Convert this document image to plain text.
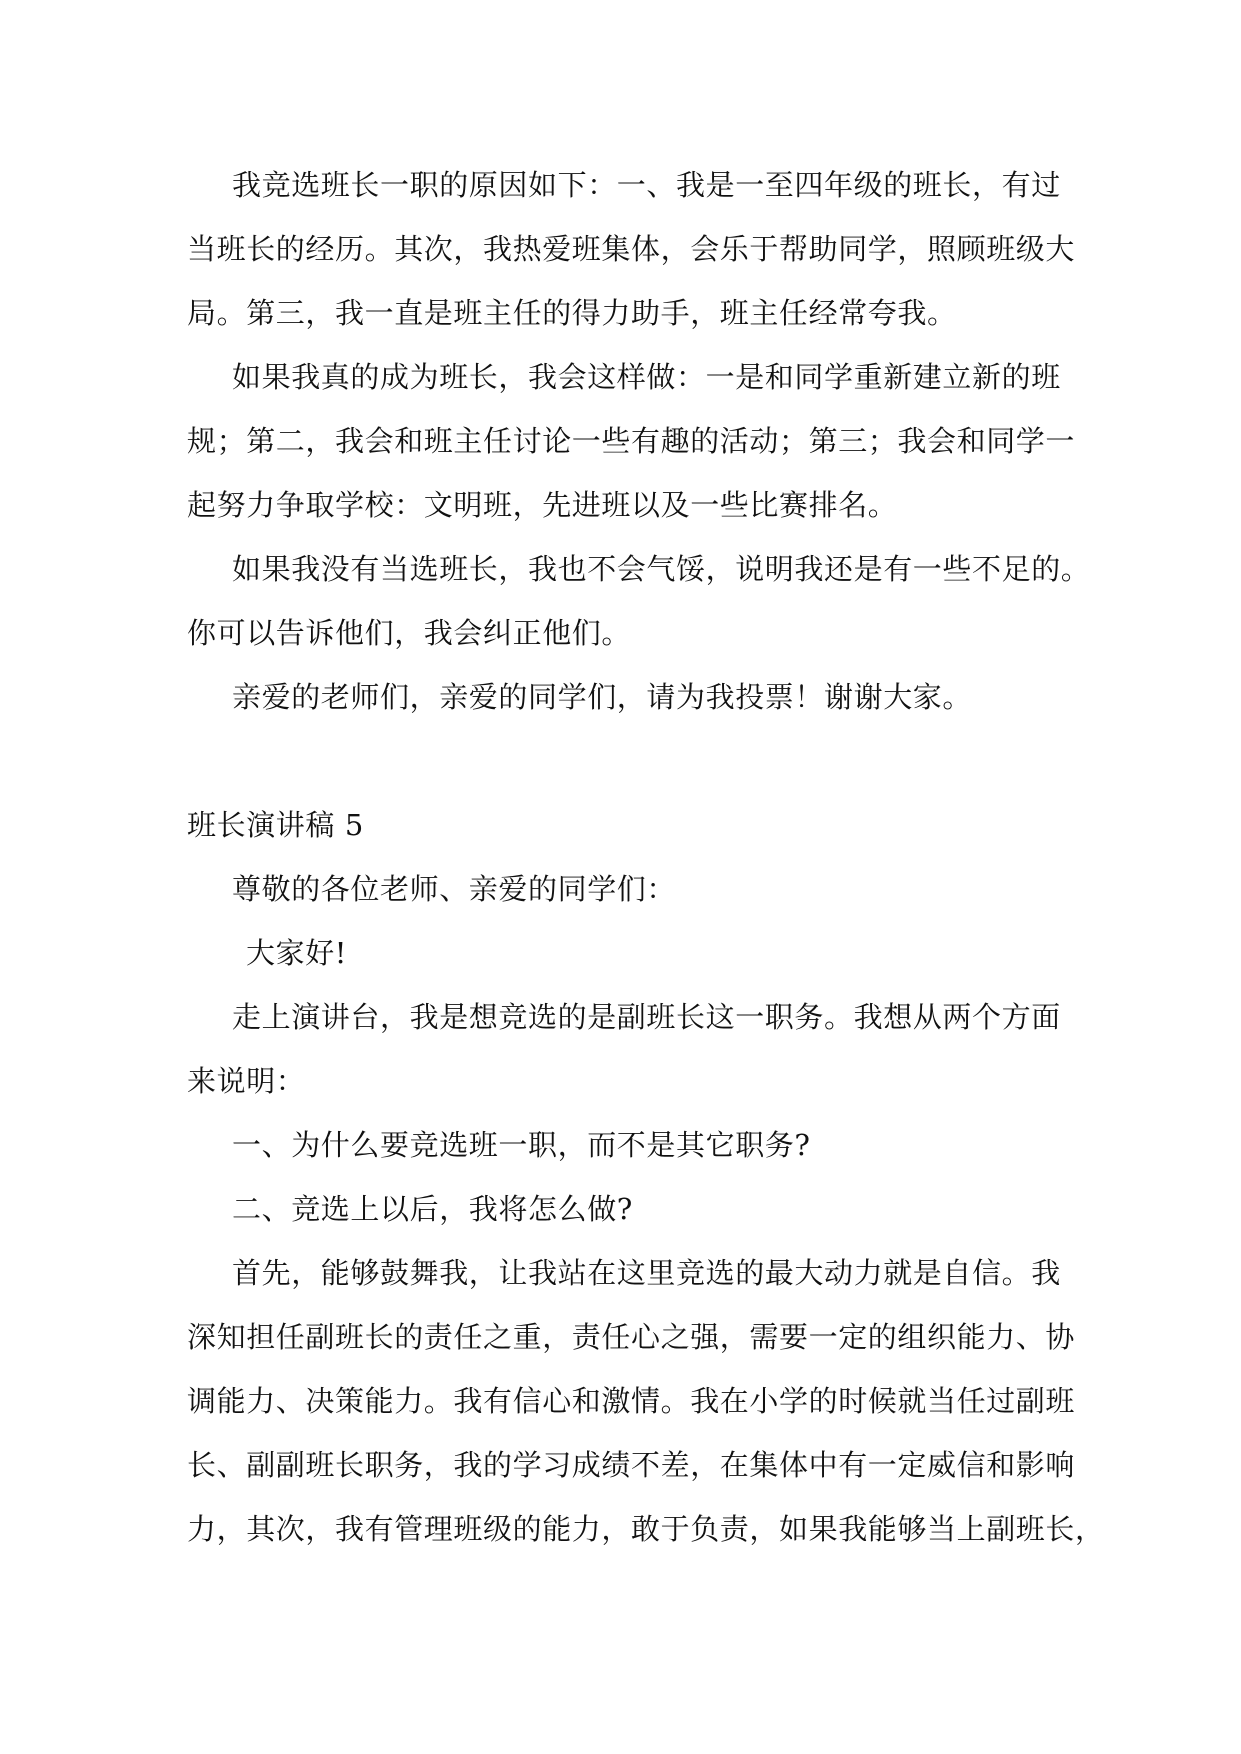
我竞选班长一职的原因如下：一、我是一至四年级的班长，有过

当班长的经历。其次，我热爱班集体，会乐于帮助同学，照顾班级大

局。第三，我一直是班主任的得力助手，班主任经常夸我。

如果我真的成为班长，我会这样做：一是和同学重新建立新的班

规；第二，我会和班主任讨论一些有趣的活动；第三；我会和同学一

起努力争取学校：文明班，先进班以及一些比赛排名。

如果我没有当选班长，我也不会气馁，说明我还是有一些不足的。

你可以告诉他们，我会纠正他们。

亲爱的老师们，亲爱的同学们，请为我投票！谢谢大家。

班长演讲稿 5

尊敬的各位老师、亲爱的同学们：

大家好!

走上演讲台，我是想竞选的是副班长这一职务。我想从两个方面

来说明：

一、为什么要竞选班一职，而不是其它职务?

二、竞选上以后，我将怎么做?

首先，能够鼓舞我，让我站在这里竞选的最大动力就是自信。我

深知担任副班长的责任之重，责任心之强，需要一定的组织能力、协

调能力、决策能力。我有信心和激情。我在小学的时候就当任过副班

长、副副班长职务，我的学习成绩不差，在集体中有一定威信和影响

力，其次，我有管理班级的能力，敢于负责，如果我能够当上副班长，
